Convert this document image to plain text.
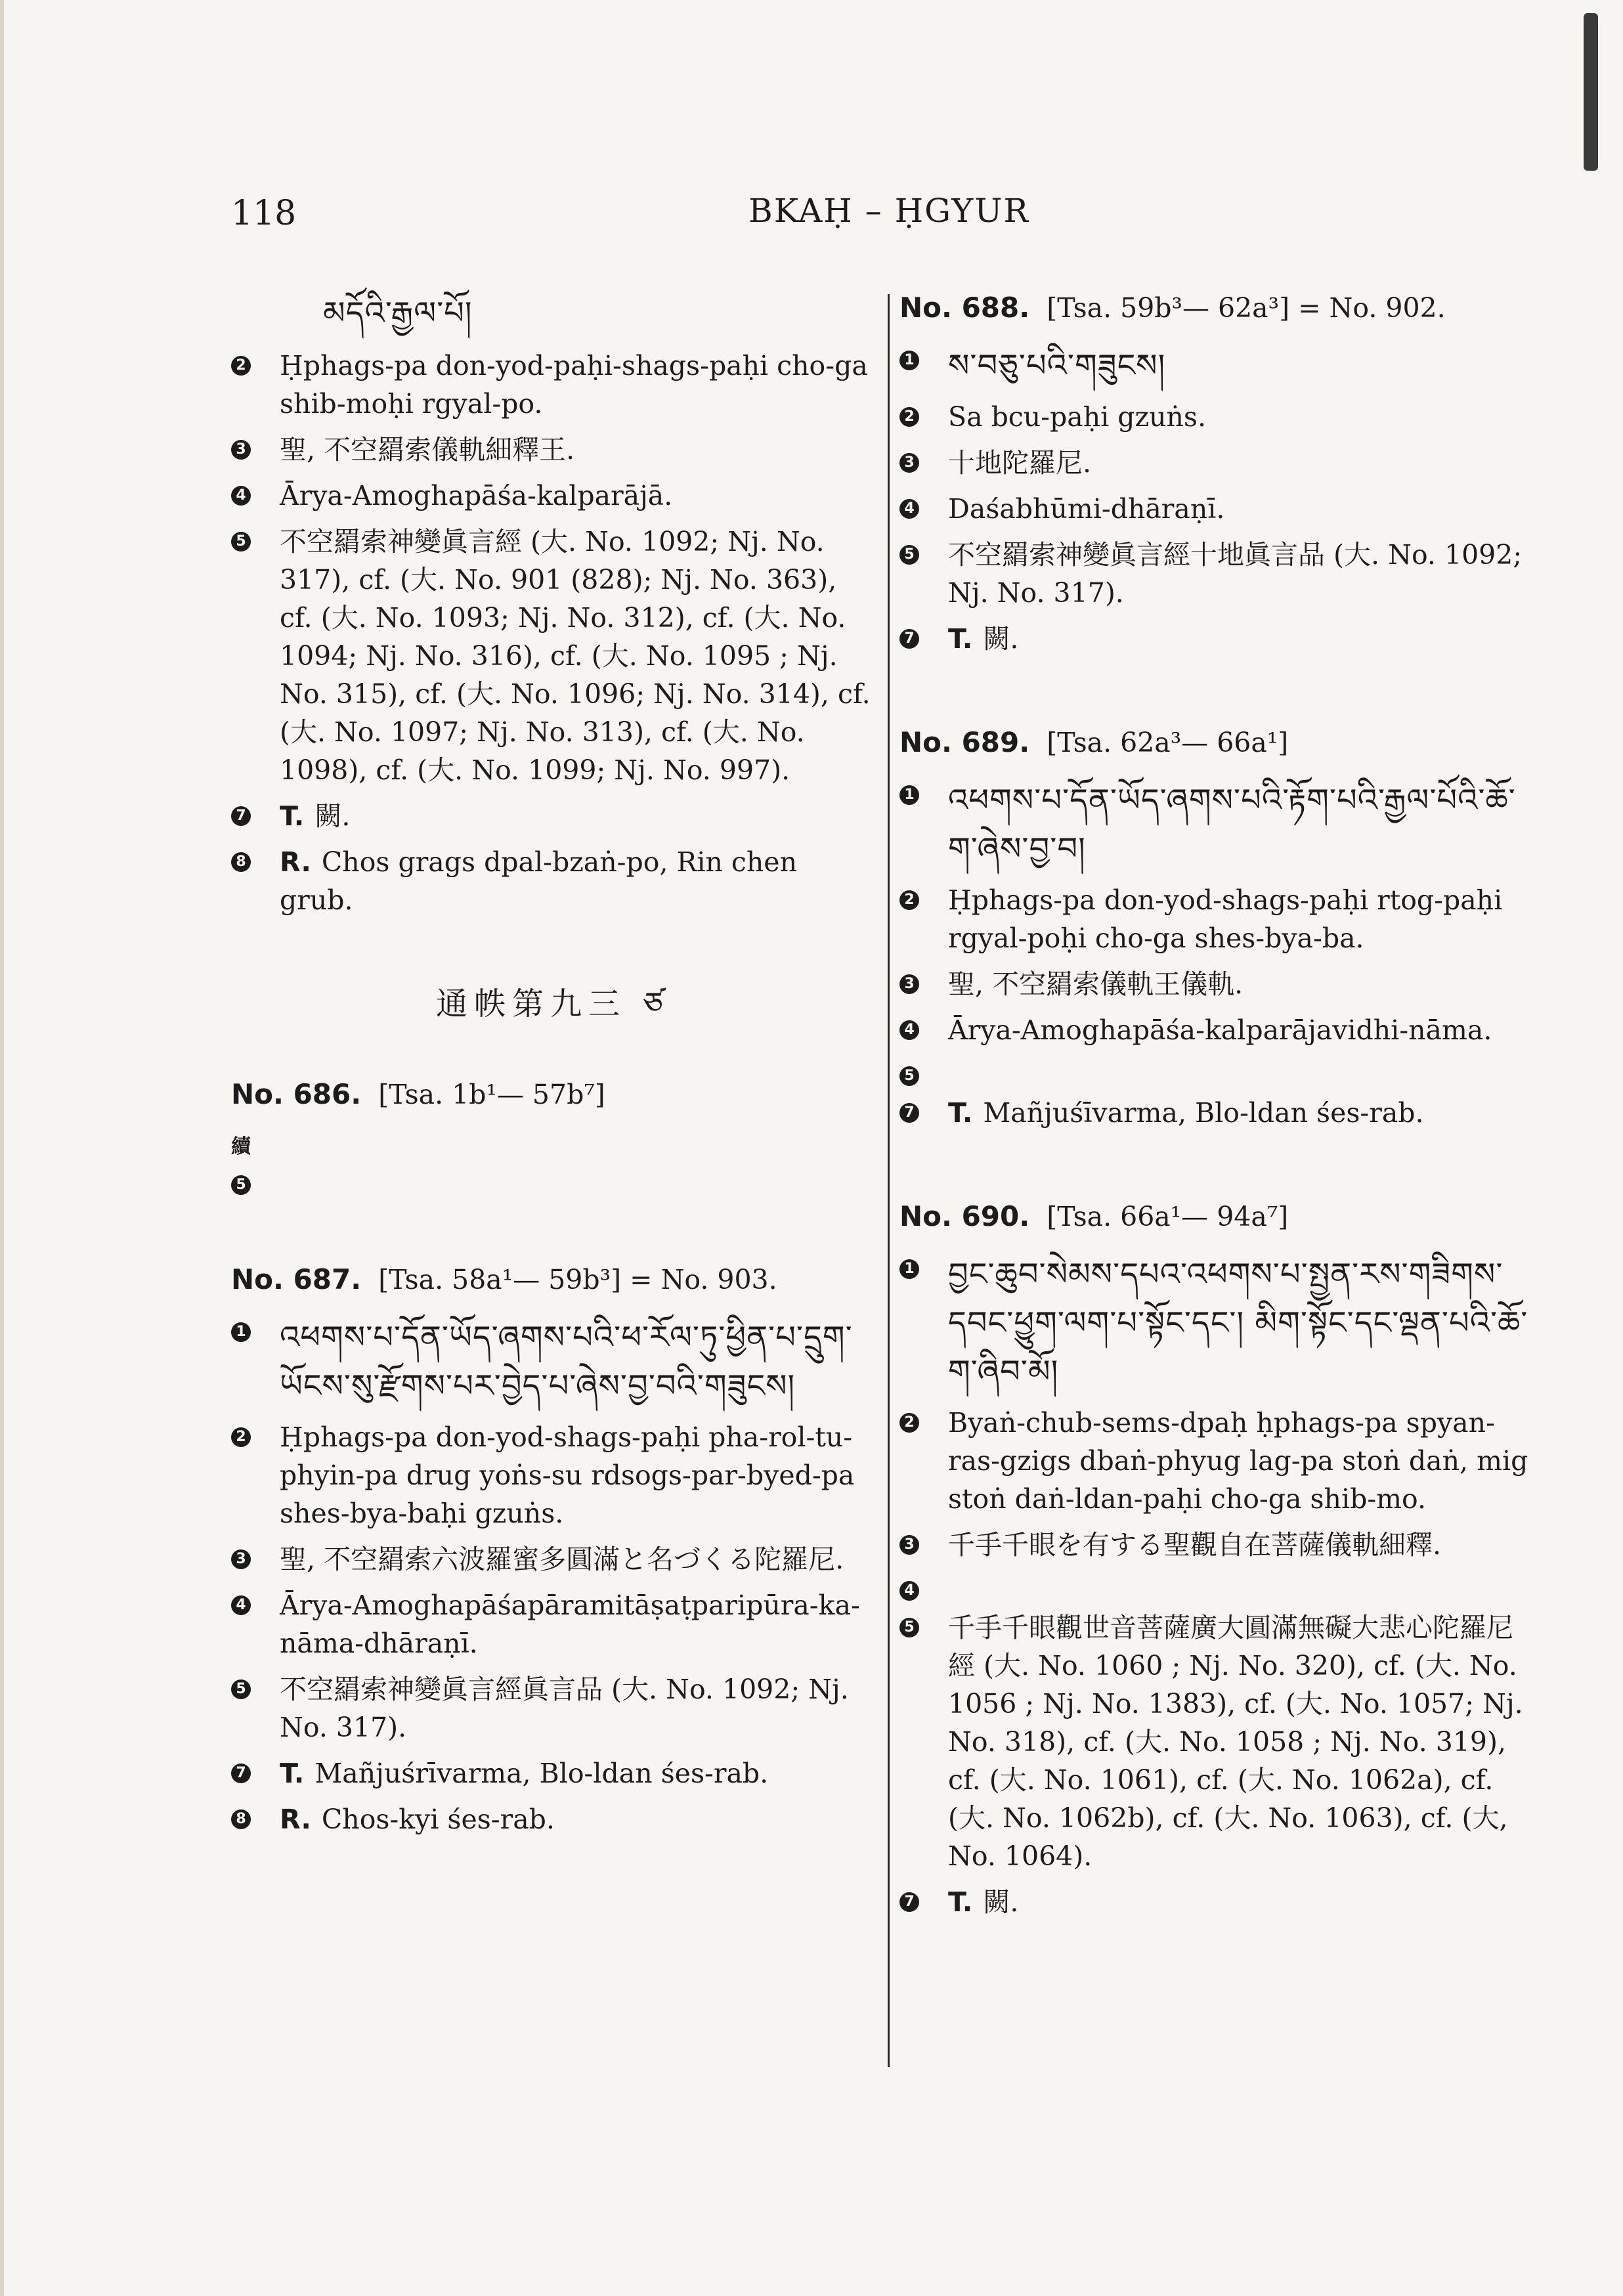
118	BKAḤ – ḤGYUR
མདོའི་རྒྱལ་པོ།
2 Ḥphags-pa don-yod-paḥi-shags-paḥi cho-ga shib-moḥi rgyal-po.
3 聖, 不空羂索儀軌細釋王.
4 Ārya-Amoghapāśa-kalparājā.
5 不空羂索神變眞言經 (大. No. 1092; Nj. No. 317), cf. (大. No. 901 (828); Nj. No. 363), cf. (大. No. 1093; Nj. No. 312), cf. (大. No. 1094; Nj. No. 316), cf. (大. No. 1095 ; Nj. No. 315), cf. (大. No. 1096; Nj. No. 314), cf. (大. No. 1097; Nj. No. 313), cf. (大. No. 1098), cf. (大. No. 1099; Nj. No. 997).
7 T. 闕.
8 R. Chos grags dpal-bzaṅ-po, Rin chen grub.
通帙第九三 ཙ
No. 686. [Tsa. 1b¹— 57b⁷]
續
5
No. 687. [Tsa. 58a¹— 59b³] = No. 903.
1 འཕགས་པ་དོན་ཡོད་ཞགས་པའི་ཕ་རོལ་ཏུ་ཕྱིན་པ་དྲུག་ཡོངས་སུ་རྫོགས་པར་བྱེད་པ་ཞེས་བྱ་བའི་གཟུངས།
2 Ḥphags-pa don-yod-shags-paḥi pha-rol-tu-phyin-pa drug yoṅs-su rdsogs-par-byed-pa shes-bya-baḥi gzuṅs.
3 聖, 不空羂索六波羅蜜多圓滿と名づくる陀羅尼.
4 Ārya-Amoghapāśapāramitāṣaṭparipūra-ka-nāma-dhāraṇī.
5 不空羂索神變眞言經眞言品 (大. No. 1092; Nj. No. 317).
7 T. Mañjuśrīvarma, Blo-ldan śes-rab.
8 R. Chos-kyi śes-rab.
No. 688. [Tsa. 59b³— 62a³] = No. 902.
1 ས་བཅུ་པའི་གཟུངས།
2 Sa bcu-paḥi gzuṅs.
3 十地陀羅尼.
4 Daśabhūmi-dhāraṇī.
5 不空羂索神變眞言經十地眞言品 (大. No. 1092; Nj. No. 317).
7 T. 闕.
No. 689. [Tsa. 62a³— 66a¹]
1 འཕགས་པ་དོན་ཡོད་ཞགས་པའི་རྟོག་པའི་རྒྱལ་པོའི་ཆོ་ག་ཞེས་བྱ་བ།
2 Ḥphags-pa don-yod-shags-paḥi rtog-paḥi rgyal-poḥi cho-ga shes-bya-ba.
3 聖, 不空羂索儀軌王儀軌.
4 Ārya-Amoghapāśa-kalparājavidhi-nāma.
5
7 T. Mañjuśīvarma, Blo-ldan śes-rab.
No. 690. [Tsa. 66a¹— 94a⁷]
1 བྱང་ཆུབ་སེམས་དཔའ་འཕགས་པ་སྤྱན་རས་གཟིགས་དབང་ཕྱུག་ལག་པ་སྟོང་དང༌། མིག་སྟོང་དང་ལྡན་པའི་ཆོ་ག་ཞིབ་མོ།
2 Byaṅ-chub-sems-dpaḥ ḥphags-pa spyan-ras-gzigs dbaṅ-phyug lag-pa stoṅ daṅ, mig stoṅ daṅ-ldan-paḥi cho-ga shib-mo.
3 千手千眼を有する聖觀自在菩薩儀軌細釋.
4
5 千手千眼觀世音菩薩廣大圓滿無礙大悲心陀羅尼經 (大. No. 1060 ; Nj. No. 320), cf. (大. No. 1056 ; Nj. No. 1383), cf. (大. No. 1057; Nj. No. 318), cf. (大. No. 1058 ; Nj. No. 319), cf. (大. No. 1061), cf. (大. No. 1062a), cf. (大. No. 1062b), cf. (大. No. 1063), cf. (大, No. 1064).
7 T. 闕.
